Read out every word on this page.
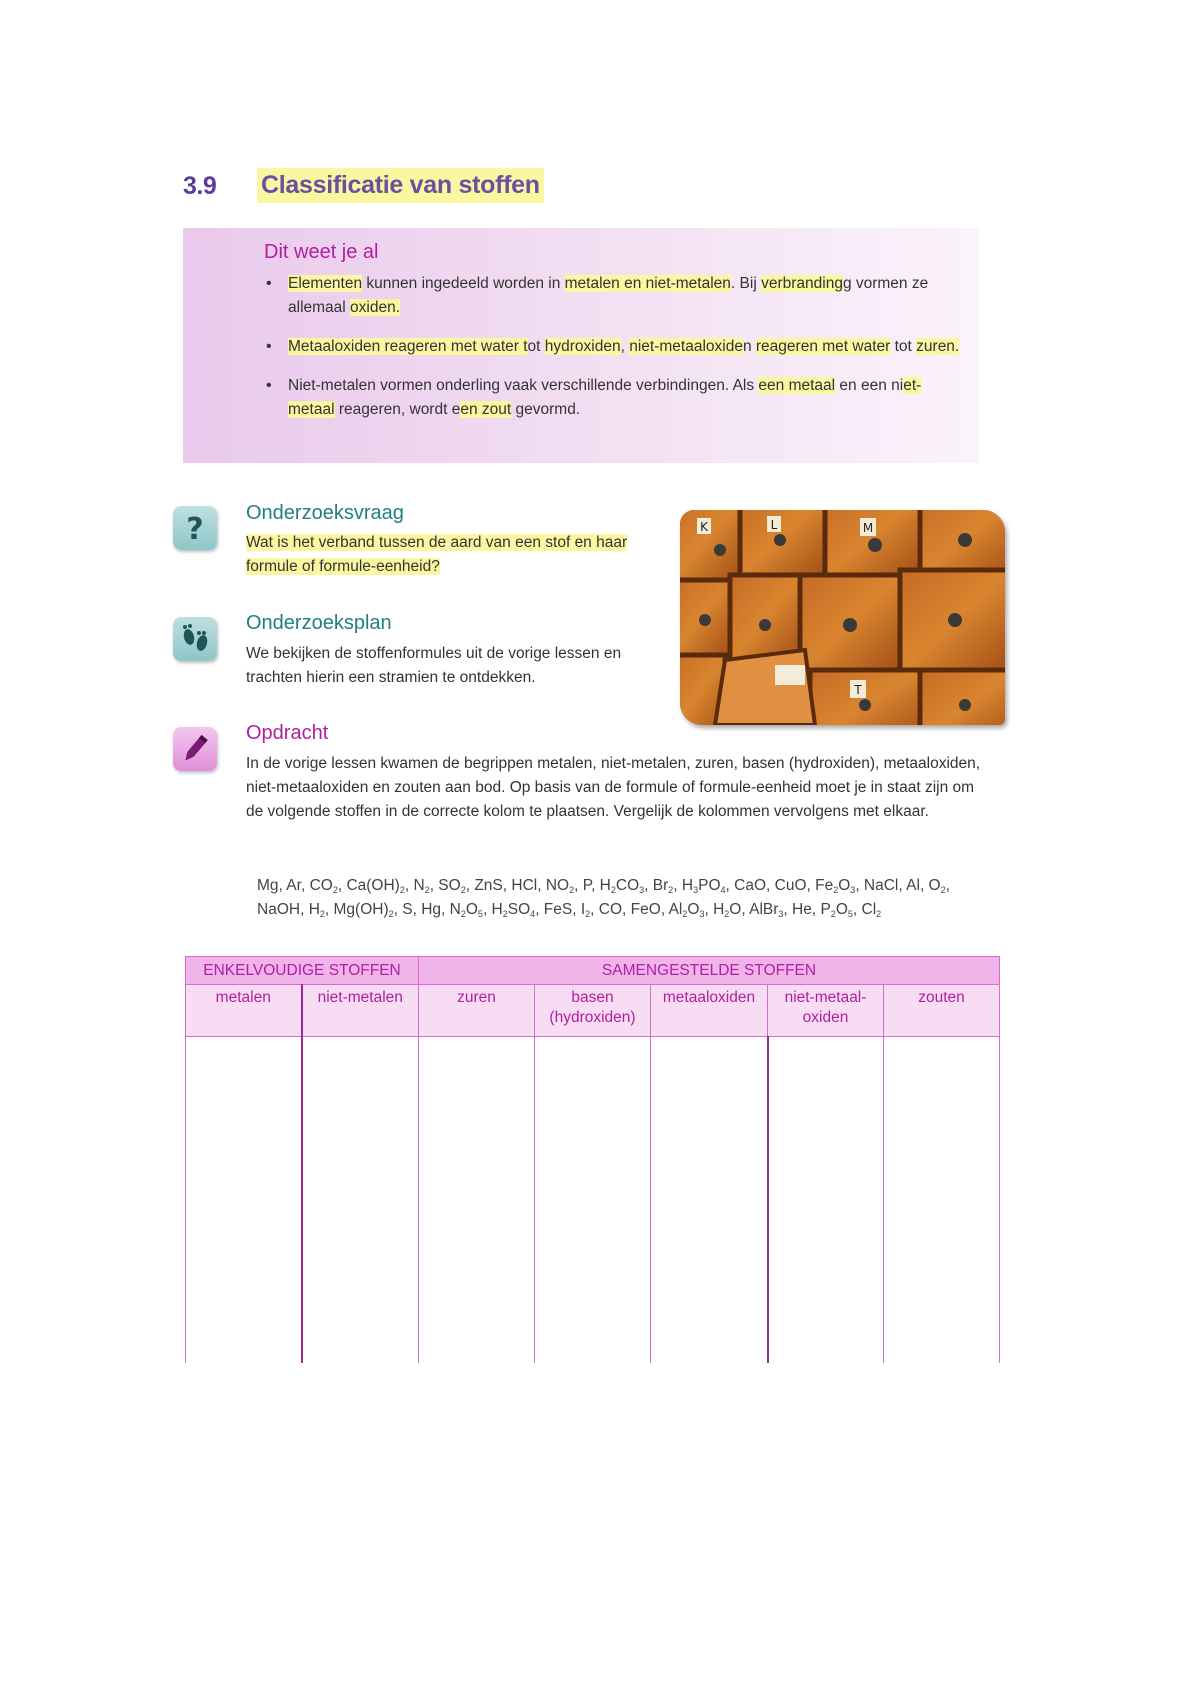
3.9 Classificatie van stoffen
Dit weet je al
• Elementen kunnen ingedeeld worden in metalen en niet-metalen. Bij verbrandingg vormen ze allemaal oxiden.
• Metaaloxiden reageren met water tot hydroxiden, niet-metaaloxiden reageren met water tot zuren.
• Niet-metalen vormen onderling vaak verschillende verbindingen. Als een metaal en een niet-metaal reageren, wordt een zout gevormd.
? Onderzoeksvraag
Wat is het verband tussen de aard van een stof en haar formule of formule-eenheid?
Onderzoeksplan
We bekijken de stoffenformules uit de vorige lessen en trachten hierin een stramien te ontdekken.
Opdracht
In de vorige lessen kwamen de begrippen metalen, niet-metalen, zuren, basen (hydroxiden), metaaloxiden, niet-metaaloxiden en zouten aan bod. Op basis van de formule of formule-eenheid moet je in staat zijn om de volgende stoffen in de correcte kolom te plaatsen. Vergelijk de kolommen vervolgens met elkaar.
K	L	M
T
Mg, Ar, $CO_2$, $Ca(OH)_2$, $N_2$, $SO_2$, ZnS, HCl, $NO_2$, P, $H_2CO_3$, $Br_2$, $H_3PO_4$, CaO, CuO, $Fe_2O_3$, NaCl, Al, $O_2$, NaOH, $H_2$, $Mg(OH)_2$, S, Hg, $N_2O_5$, $H_2SO_4$, FeS, $I_2$, CO, FeO, $Al_2O_3$, $H_2O$, AlBr$_3$, He, $P_2O_5$, $Cl_2$
ENKELVOUDIGE STOFFEN		SAMENGESTELDE STOFFEN				
metalen	niet-metalen	zuren	basen (hydroxiden)	metaaloxiden	niet-metaal-oxiden	zouten
